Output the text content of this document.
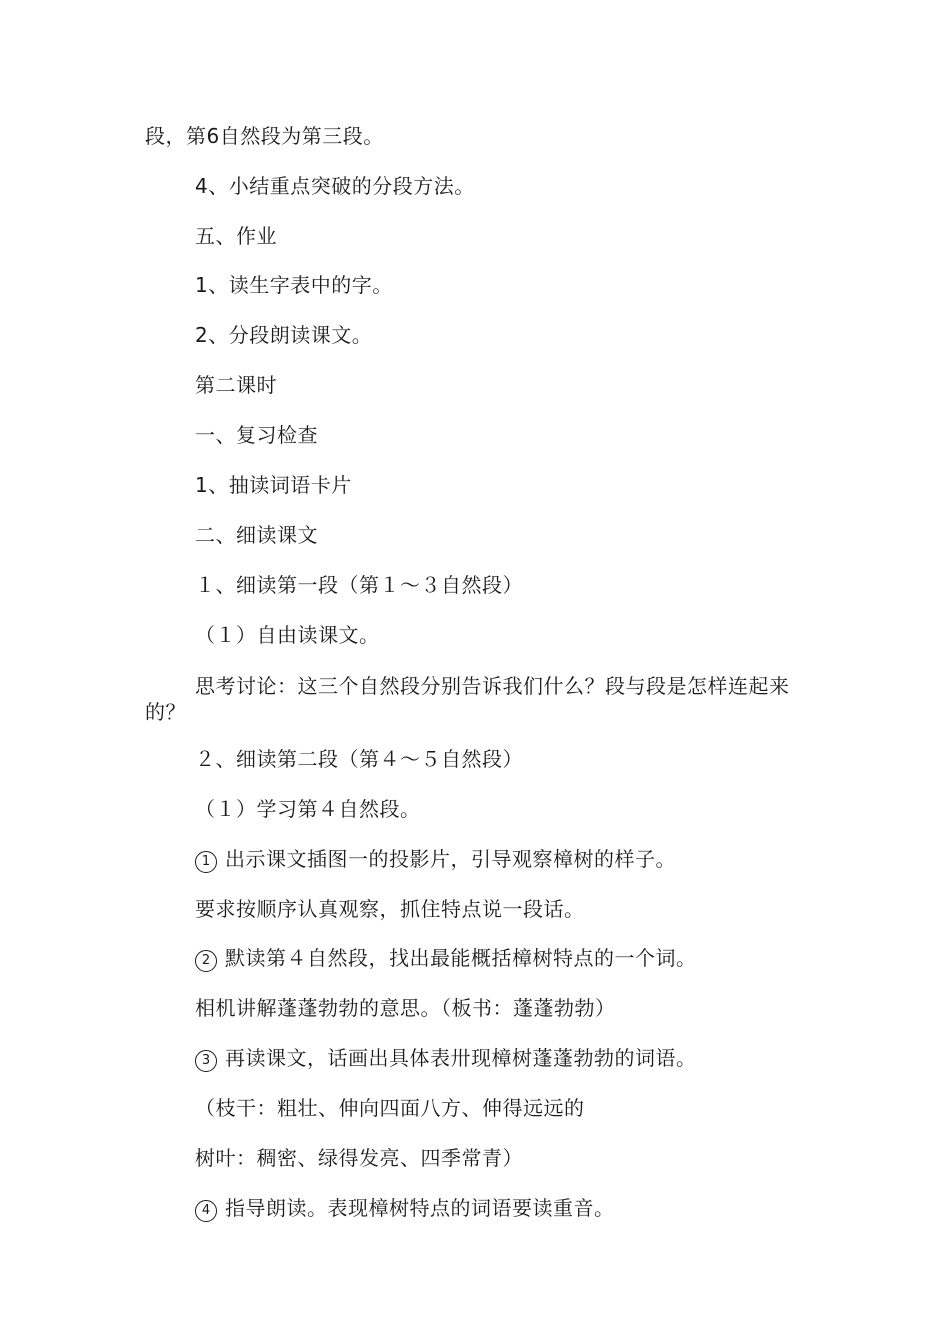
段，第6自然段为第三段。
4、小结重点突破的分段方法。
五、作业
1、读生字表中的字。
2、分段朗读课文。
第二课时
一、复习检查
1、抽读词语卡片
二、细读课文
１、细读第一段（第１～３自然段）
（１）自由读课文。
思考讨论：这三个自然段分别告诉我们什么？段与段是怎样连起来的？
２、细读第二段（第４～５自然段）
（１）学习第４自然段。
1 出示课文插图一的投影片，引导观察樟树的样子。
要求按顺序认真观察，抓住特点说一段话。
2 默读第４自然段，找出最能概括樟树特点的一个词。
相机讲解蓬蓬勃勃的意思。（板书：蓬蓬勃勃）
3 再读课文，话画出具体表卅现樟树蓬蓬勃勃的词语。
（枝干：粗壮、伸向四面八方、伸得远远的
树叶：稠密、绿得发亮、四季常青）
4 指导朗读。表现樟树特点的词语要读重音。
